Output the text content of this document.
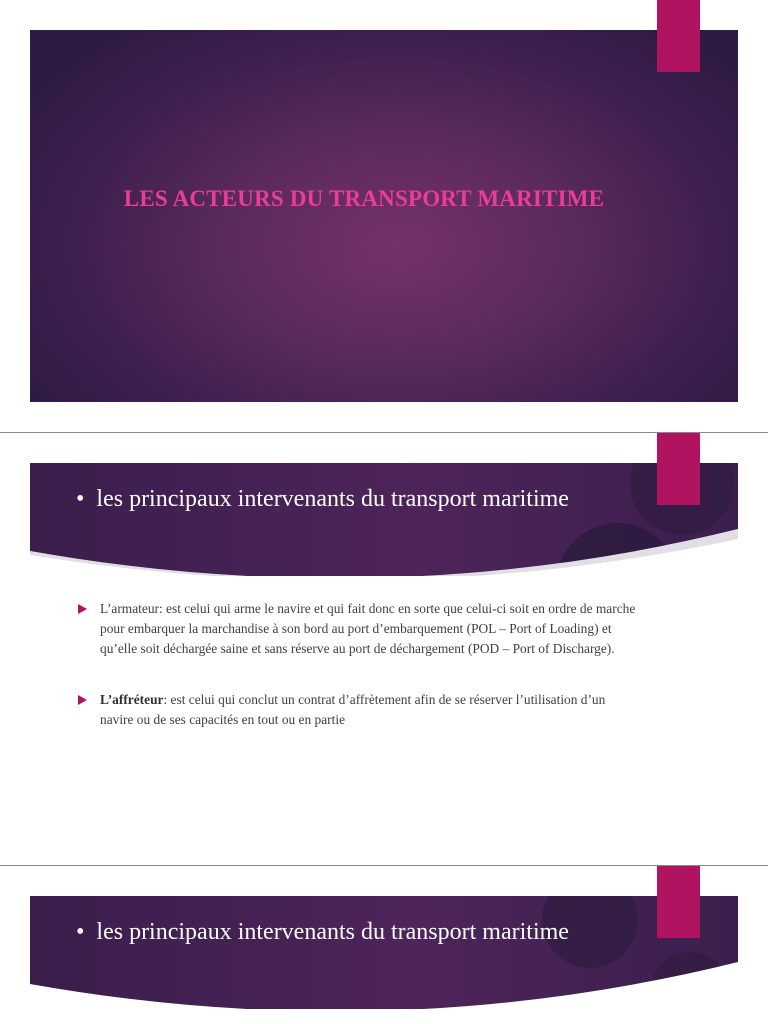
LES ACTEURS DU TRANSPORT MARITIME
• les principaux intervenants du transport maritime
L’armateur: est celui qui arme le navire et qui fait donc en sorte que celui-ci soit en ordre de marche pour embarquer la marchandise à son bord au port d’embarquement (POL – Port of Loading) et qu’elle soit déchargée saine et sans réserve au port de déchargement (POD – Port of Discharge).
L’affréteur: est celui qui conclut un contrat d’affrètement afin de se réserver l’utilisation d’un navire ou de ses capacités en tout ou en partie
• les principaux intervenants du transport maritime
